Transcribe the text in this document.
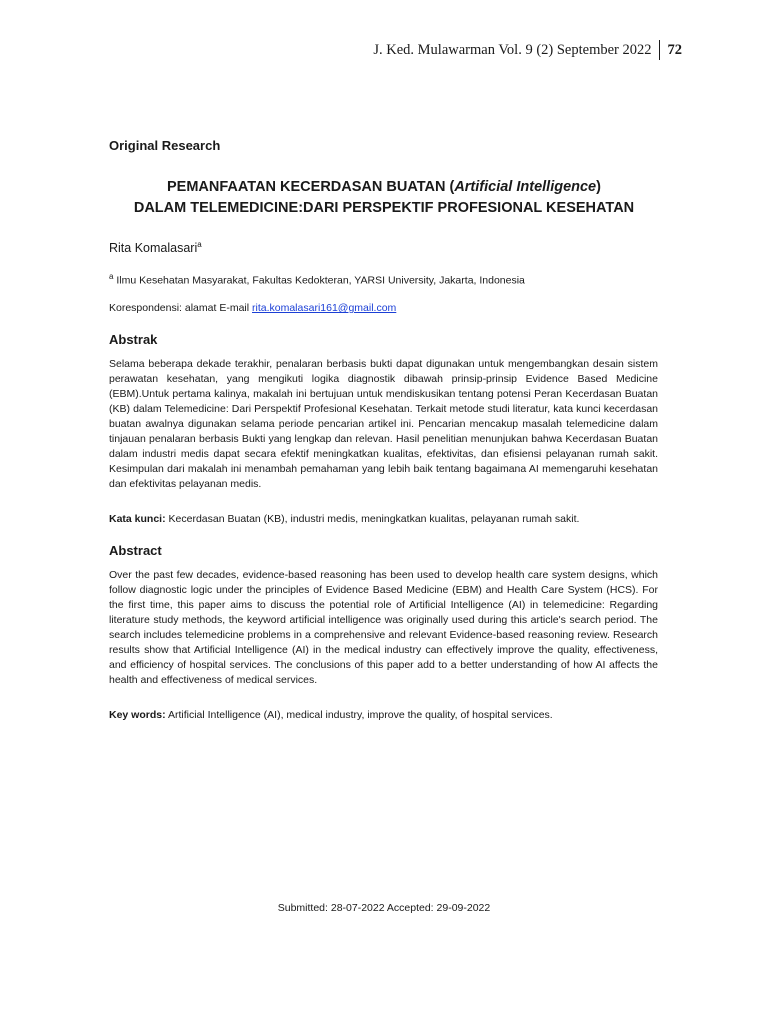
J. Ked. Mulawarman Vol. 9 (2) September 2022	72
Original Research
PEMANFAATAN KECERDASAN BUATAN (Artificial Intelligence)
DALAM TELEMEDICINE:DARI PERSPEKTIF PROFESIONAL KESEHATAN
Rita Komalasari$^a$
$^a$ Ilmu Kesehatan Masyarakat, Fakultas Kedokteran, YARSI University, Jakarta, Indonesia
Korespondensi: alamat E-mail rita.komalasari161@gmail.com
Abstrak
Selama beberapa dekade terakhir, penalaran berbasis bukti dapat digunakan untuk mengembangkan desain sistem perawatan kesehatan, yang mengikuti logika diagnostik dibawah prinsip-prinsip Evidence Based Medicine (EBM).Untuk pertama kalinya, makalah ini bertujuan untuk mendiskusikan tentang potensi Peran Kecerdasan Buatan (KB) dalam Telemedicine: Dari Perspektif Profesional Kesehatan. Terkait metode studi literatur, kata kunci kecerdasan buatan awalnya digunakan selama periode pencarian artikel ini. Pencarian mencakup masalah telemedicine dalam tinjauan penalaran berbasis Bukti yang lengkap dan relevan. Hasil penelitian menunjukan bahwa Kecerdasan Buatan dalam industri medis dapat secara efektif meningkatkan kualitas, efektivitas, dan efisiensi pelayanan rumah sakit. Kesimpulan dari makalah ini menambah pemahaman yang lebih baik tentang bagaimana AI memengaruhi kesehatan dan efektivitas pelayanan medis.
Kata kunci: Kecerdasan Buatan (KB), industri medis, meningkatkan kualitas, pelayanan rumah sakit.
Abstract
Over the past few decades, evidence-based reasoning has been used to develop health care system designs, which follow diagnostic logic under the principles of Evidence Based Medicine (EBM) and Health Care System (HCS). For the first time, this paper aims to discuss the potential role of Artificial Intelligence (AI) in telemedicine: Regarding literature study methods, the keyword artificial intelligence was originally used during this article's search period. The search includes telemedicine problems in a comprehensive and relevant Evidence-based reasoning review. Research results show that Artificial Intelligence (AI) in the medical industry can effectively improve the quality, effectiveness, and efficiency of hospital services. The conclusions of this paper add to a better understanding of how AI affects the health and effectiveness of medical services.
Key words: Artificial Intelligence (AI), medical industry, improve the quality, of hospital services.
Submitted: 28-07-2022 Accepted: 29-09-2022
